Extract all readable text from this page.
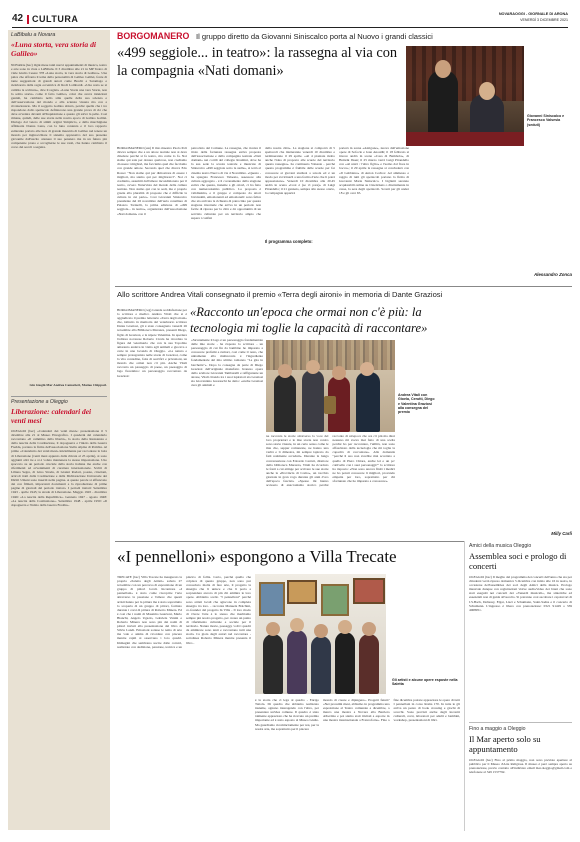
42 CULTURA	NOVARAOGGI - GIORNALE DI ARONA
VENERDÌ 3 DICEMBRE 2021
LaBibalu a Novara
«Luna storta, vera storia di Galileo»
NOVARA (bec) Ogni mese tanti nuovi appuntamenti di musica, teatro e arte sono in vista a LaBibalu. Il 3 dicembre alle 21 in MP Teatro di viale Giulio Cesare 378 «Luna storta, la vera storia di Galileo». Una pièce che affronta il tema della personalità di Galileo Galilei, fonte di tante suggestioni di grandi autori come Brecht e Saramago e rielaborata dalla regia eccentrica di Rodi Lombardi. «Una resta se si cambia la scrittura», dice il regista. «Luna Storta una vera Storia, non la solita storia» come il fatto Galileo, colui che aveva intuizioni geniali, ha cambiato nello stile quelle della sua scienza e dell'osservazione del mondo e alla scienza vissuta ma con a rivoluzionario. Ma il soggetto Galileo abiurò, perché quella che i tre rispondono dallo spettacolo definiscono una grande prova di ciò che deve avvenire davanti all'Inquisizione e questo gli salvò la pelle. Così rimane, quindi, delle sue storie nella nostra epoca di Galileo Galilei. Dialogo dal vetero di simili origini Simplicio, e dalla marchigiana affittuaria Donna Luna, con la luna contenta e il loro rapporto esilarante portato alle luce di grande maestria di Galileo nel tenere un mondo per inginocchiare il sistema oppressivo del suo presente giovanile dall'uscito ottenere il suo pensiero ma in un futuro più competente prono e accoglierne le sue vesti, che hanno cambiato il corso dei secoli a seguire.
Gin Gioglà Mar Andrea Camarieri, Matteo Chippari.
Presentazione a Oleggio
Liberazione: calendari dei venti mesi
OLEGGIO (bec) «Calendari dei venti mesi»: presentazione il 5 dicembre alle 21 al Museo Etnografico. I quaderni del calendario raccontano «Il cammino della libertà», la storia della Resistenza e della nascita della Costituzione, il dopoguerra e l'inizio della Guerra Fredda, portano la firma dell'associazione Stella Alpina di Pombia. Al primo «Calendario dei venti mesi» inizialmente per raccontare la lotta di Liberazione (venti mesi appunto dalla ritirata al 25 aprile), si sono aggiunti altri tre e si è voluto mantenere la stessa impostazione. Uno spaccato su un periodo cruciale della storia italiana ma anche con riferimenti ad avvenimenti di carattere internazionale. Scritti di Liliana Segre, di Gino Strada, di Gianni Rodari, poesie, citazioni, articoli tratti dalla Costituzione e dalla Dichiarazione Universale dei Diritti Umani sono inseriti nelle pagine. A queste parole si affiancano dei con filmati, importanti documenti e la riproduzione di prime pagine di giornali del periodo trattato. I periodi trattati: Settembre 1943 - aprile 1945; la strada di Liberazione. Maggio 1945 - dicembre 1946: «La nascita della Repubblica». Gennaio 1947 - agosto 1948: «La nascita della Costituzione». Settembre 1948 - aprile 1950: «Il dopoguerra e l'inizio della Guerra Fredda».
BORGOMANERO Il gruppo diretto da Giovanni Siniscalco porta al Nuovo i grandi classici
«499 seggiole... in teatro»: la rassegna al via con la compagnia «Nati domani»
Giovanni Siniscalco e Francesco Valsesia (seduti)
BORGOMANERO (ssn) Il mio maestro Paolo Poli diceva sempre che a un attore teatrale non si deve chiedere perché si fa teatro, ma come lo fa. Noi siamo qui sale per donare qualcosa, non crediamo di essere i migliori, ma facciamo quel che facciamo con grande amore. Secondo quel che diceva Edo Rosso: "Non siamo qui per dimostrare di essere i migliori, ma siamo qui per migliorarci". Noi ci crediamo, assumiti dall'amore incondizionato per il teatro, ovvero l'intervista del mondo delle culture teatrale. Non siamo qui con le sedi, ma è proprio grazie alla pluralità di proposte che è difficile la cultura in cui parte». Così Giovanni Siniscalco presidente del 26 novembre dell'aula consiliare di Palazzo Tornielli, la prima edizione di «499 seggiole... in teatro», organizzata dall'associazione «Nati domani» con il
patrocinio del Comune. La rassegna, che riceiza il titolo della fortunata rassegna estiva proposta dall'associazione e dalla compagnia teatrale «Nati domani» nei cortili del collegio Rosmini, dove ha la sua sede la scuola teatrale e musicale di Siniscalco «499 seggiole sotto le stelle», si terrà al cinema teatro Nuovo di via 4 Novembre. «Questo - ha spiegato Francesco Valsesia, assessore alla cultura aggregato - è il coronamento della stagione estiva che questa, insieme a gli ottavi, ci ha fatto con numerosissimo pubblico. La proposta è validissima, e il gruppo è composto da attori bravissimi, emozionanti ed emozionali: sono felice che sia arrivata la richiesta di patrocinio per questa stagione invernale che arriva in un periodo non facile di ripresa per la città e dà opportunità di un servizio culturale per un territorio ampio che supera i confini
della nostra città». La stagione si comporrà di 5 spettacoli che inizieranno venerdì 10 dicembre e termineranno il 29 aprile. «Al 4 piantate molto anche l'idea di proporre alle scuole del territorio questa rassegna». ha continuato Valsesia - perché questa programma è fruibile dalle scuole per far conoscere ai giovani studiosi a scuola ed è un modo per avvicinarli a una forma d'arte che li potrà appassionare». Venerdì 10 dicembre alle 20.45 andrà in scena «Così è (se vi pare)» di Luigi Pirandello; il 21 gennaio, sempre allo stesso orario, la compagnia apparirà
Il programma completo:
porterà in scena «Antigone», nuova dall'emozione opere di Sofocle e Jean Anouilh; il 18 febbraio si invece andrà in scena «Casa di Bambola», di Heinrik Ibsen; il 25 marzo verrà Luigi Pirandello con «Al unici / l'altro figlio» e l'uomo dal fiore in bocca»; il 29 aprile la rassegna si concluderà con «Il Gabbiano» di Anton Cechov. Ad ammesso e raggio di tutti gli spettacoli portano la firma di Giovanni Maria Siniscalco. I biglietti saranno acquistabili online su Cinetickets o direttamente in cassa, la sera degli spettacoli. Sconti per gli under 18 e gli over 65.
Alessandro Zonca
Allo scrittore Andrea Vitali consegnato il premio «Terra degli aironi» in memoria di Dante Graziosi
«Racconto un'epoca che ormai non c'è più: la tecnologia mi toglie la capacità di raccontare»
BORGOMANERO (ceg) Grande soddisfazione per lo scrittore e medico Andrea Vitali che si è aggiudicato il premio letterario «Terra degli aironi» che, istituito in memoria del veterinario scrittore Dante Graziosi, gli è stato consegnato venerdì 26 novembre alla Biblioteca Marazza, presenti Diego, figlio di Graziosi, e la nipote Valentina. In apertura l'editore novarese Roberto Cicala ha ricordato la figura del veterinario che con la sua Topolino amaranto andava in visita agli animali e giocava a carte in una locanda di Oleggio. «La natura e sempre protagonista nelle storie di Graziosi, come la vita contadina, fatta di sacrifici e privazioni, un mondo che ormai non c'è più. Anche Vitali racconta un passaggio di paese, un paesaggio di lago fiorentino: un personaggio raccontato da Graziosi:
«Sicuramente il lago è un personaggio fondamentale delle mie storie - ha risposto lo scrittore - un personaggio di cui fin da bambino ho imparato a conoscere profumi e rumori, così come il resto, che unitamente alla malinconia è l'ingrediente fondamentale del mio ultimo romanzo "La gita in barchetta"». Dopo la consegna da parte di Diego Graziosi dell'originale manufatto bronzeo opera dello scultore Giovanni Tamburelli e raffigurante un airone, Vitali citando tra i suoi ispiratori sia Graziosi sia Giovannino Guareschi ha detto: «anche Graziosi cura gli animali e
Andrea Vitali con Gioela, Cerutti, Diego e Valentina Graziosi alla consegna del premio
ne racconta le storie attraverso la voce del loro proprietari e le mie storie non contro sono storie vissute, in un certo senso come le mie che, seppur romanzate, ne hanno una verità e li dimostra, mi sempre ispirato da fatti realmente accaduti». Durante la lunga conversazione con Edoardo Cerruti, direttore della biblioteca Marazza, Vitali ha ricordato le fonti a cui attinge per scrivere le sue storie anche la «Provincia di Como», un vecchio giornale in gran voga durante gli anni d'oro dell'epoca fascista. «Spesso mi hanno accusato di anacronismo storico perché racconto di un'epoca che ora c'è più ma direi nessuno mi aveva mai fatto di una scelta perché ho per raccontare, l'utilità, non sono affascinato dalla tecnologia che mi toglie la capacità di raccontare». Alla domanda "perché il suo non avrebbe mai accettato a quello di Piero Chiara, anche lei e un po' cattivello con i suoi personaggi?" lo scrittore ha risposto: «Non sono ancora finiti i medici ne ho potuti conoscere li migliori, provando empatia per loro, soprattutto per chi sfortunato che ho imparato a conoscere».
Milly Carli
«I pennelloni» espongono a Villa Trecate
TRECATE (bec) Villa Trecate ha inaugurato la propria «Saletta degli Artisti» sabato 27 novembre con un percorso di esposizione di un gruppo di pittori locali. Incontrare «I pennelloni» è stato come riscoprire l'arte attraverso la passione e l'amore che questi artisti hanno per la pittura ma è stato soprattutto lo scoperta di un gruppo di pittori, formato durante i corsi di pittura di Roberto Minera. Ed è così che i nomi di Massimo Guarioni, Mario Bianchi, Angelo Ugazio, Gabriele Vanini e Roberto Minera non sono più dei nomi di pittori inviati alla presentazione del libro di Silvia Landi. Emozioni sottese le tema di arte ma vale e anima di ricordare con piacere mentre rapiti si osservano i loro quadri. Immagini che sembrano uscire dalle cornici, realizzate con dedizione, passione, tecnica e un pizzico di follia. Certo, perché quello che colpisce di questo gruppo, non sono pur conosciuto molta di fare arte, il progetto la sinergia che li unisce e che li porta a sorprendere ancora di più chi ammira le loro opere. Abbiamo scelto "I pennelloni" perché sono artisti locali che agiscono in completa sinergia tra loro. - racconta Manuela Bolchini, co-founder del progetto In Villa - Il loro modo di vivere l'arte è lo stesso che meritiamo sempre più nostro progetto, per creare un punto di riferimento culturale e sociale per il territorio. Nature morte, paesaggi, volti i quadri da ammirare sono tanti e raccontano tutti una storia. Ca gioia degli autori nel raccontare - sottolinea Roberto Minera mentre presenta il libro -
Gli artisti e alcune opere esposte nella Saletta
è la storia che ci lega al quadro - Enrigo Tattola. Di quadro che abbiamo realizzato insieme, ognuno interagendo con l'altro, per presentare un'idea comune. Il quadro è stato talmente apprezzato che ha ricevuto un premio importante ed è stato esposto al Museo Giulio. Ma guardiamo ricominciamente per noi, per la nostra arte, ma soprattutto per il piacere
mondo di creare e dipingere». Progetti futuri? «Nei prossimi mesi, abbiamo in programma una esposizione al Teatro comunale a dicembre, a marzo una mostra a Novara alla Barriera Albertina e poi siamo stati invitati a esporre in una mostra internazionale a Francoforte». Fino a fine dicembre potrete apprezzare le opere di tutti I pennelloni in corso Roma 170. In tutte le gli arriva un pezzo di book crossing e giochi di scacchi. Sono previsti anche degli incontri culturali, corsi, laboratori per adulti e bambini, workshop, presentazioni di libri.
Amici della musica Oleggio
Assemblea soci e prologo di concerti
OLEGGIO (bec) Il meglio del programma dei concerti dell'anno che sta per chiudersi verrà ripreso domenica 5 dicembre con inizio alle 16 in teatro, in occasione dell'assemblea dei soci degli Amici della musica. Prologo musicale dunque con registrazioni visive audio/video dei brani che sono stati eseguiti nei concerti dei «Venerdì musicali», ma sintetiche ed essenziali non di guida all'ascolto. Si potranno così ascoltare i capolavori di J.S.Bach, Debussy, Elgar, Liszt e Schumann, Saint-Saëns e il concerto di Schumann. L'ingresso è libero con prenotazione: 0321 91429 o 339 4068951.
Fino a maggio a Oleggio
Il Mar aperto solo su appuntamento
OLEGGIO (bec) Fino al primo maggio, non sono previste aperture al pubblico per il Museo d'Arte Religiosa. Il museo è però sempre aperto su prenotazione, previo contatto all'indirizzo email mar.oleggio@gmail.com e telefonare al 349 1537792.
